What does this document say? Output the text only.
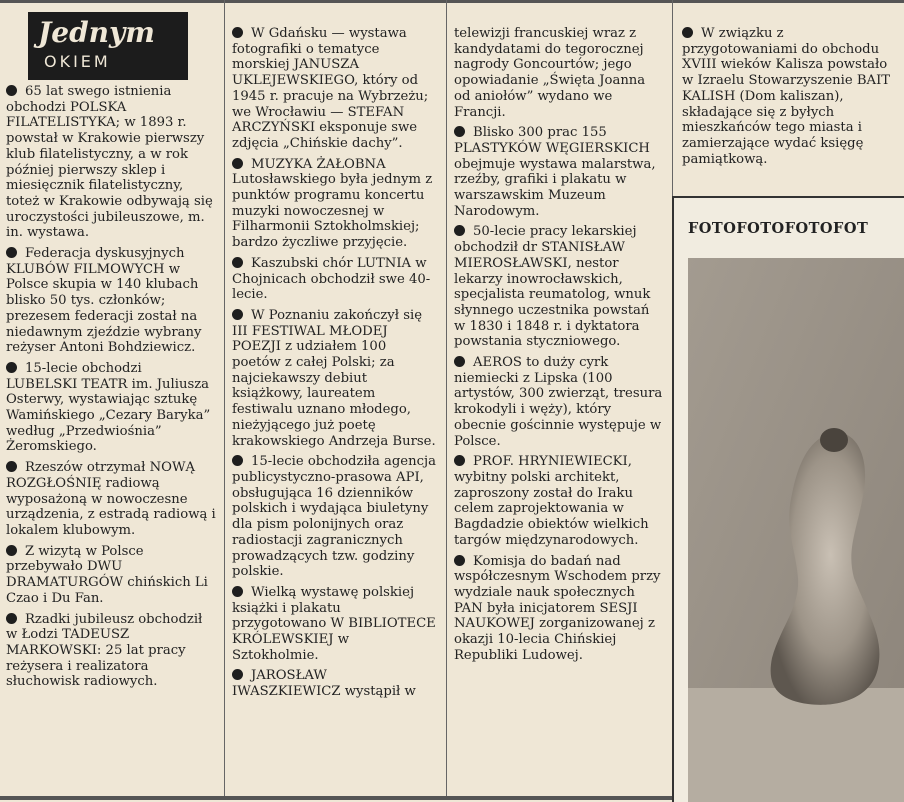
Jednym
OKIEM

65 lat swego istnienia obchodzi POLSKA FILATELISTYKA; w 1893 r. powstał w Krakowie pierwszy klub filatelistyczny, a w rok później pierwszy sklep i miesięcznik filatelistyczny, toteż w Krakowie odbywają się uroczystości jubileuszowe, m. in. wystawa.

Federacja dyskusyjnych KLUBÓW FILMOWYCH w Polsce skupia w 140 klubach blisko 50 tys. członków; prezesem federacji został na niedawnym zjeździe wybrany reżyser Antoni Bohdziewicz.

15-lecie obchodzi LUBELSKI TEATR im. Juliusza Osterwy, wystawiając sztukę Wamińskiego „Cezary Baryka” według „Przedwiośnia” Żeromskiego.

Rzeszów otrzymał NOWĄ ROZGŁOŚNIĘ radiową wyposażoną w nowoczesne urządzenia, z estradą radiową i lokalem klubowym.

Z wizytą w Polsce przebywało DWU DRAMATURGÓW chińskich Li Czao i Du Fan.

Rzadki jubileusz obchodził w Łodzi TADEUSZ MARKOWSKI: 25 lat pracy reżysera i realizatora słuchowisk radiowych.

W Gdańsku — wystawa fotografiki o tematyce morskiej JANUSZA UKLEJEWSKIEGO, który od 1945 r. pracuje na Wybrzeżu; we Wrocławiu — STEFAN ARCZYŃSKI eksponuje swe zdjęcia „Chińskie dachy”.

MUZYKA ŻAŁOBNA Lutosławskiego była jednym z punktów programu koncertu muzyki nowoczesnej w Filharmonii Sztokholmskiej; bardzo życzliwe przyjęcie.

Kaszubski chór LUTNIA w Chojnicach obchodził swe 40-lecie.

W Poznaniu zakończył się III FESTIWAL MŁODEJ POEZJI z udziałem 100 poetów z całej Polski; za najciekawszy debiut książkowy, laureatem festiwalu uznano młodego, nieżyjącego już poetę krakowskiego Andrzeja Burse.

15-lecie obchodziła agencja publicystyczno-prasowa API, obsługująca 16 dzienników polskich i wydająca biuletyny dla pism polonijnych oraz radiostacji zagranicznych prowadzących tzw. godziny polskie.

Wielką wystawę polskiej książki i plakatu przygotowano W BIBLIOTECE KRÓLEWSKIEJ w Sztokholmie.

JAROSŁAW IWASZKIEWICZ wystąpił w

telewizji francuskiej wraz z kandydatami do tegorocznej nagrody Goncourtów; jego opowiadanie „Święta Joanna od aniołów” wydano we Francji.

Blisko 300 prac 155 PLASTYKÓW WĘGIERSKICH obejmuje wystawa malarstwa, rzeźby, grafiki i plakatu w warszawskim Muzeum Narodowym.

50-lecie pracy lekarskiej obchodził dr STANISŁAW MIEROSŁAWSKI, nestor lekarzy inowrocławskich, specjalista reumatolog, wnuk słynnego uczestnika powstań w 1830 i 1848 r. i dyktatora powstania styczniowego.

AEROS to duży cyrk niemiecki z Lipska (100 artystów, 300 zwierząt, tresura krokodyli i węży), który obecnie gościnnie występuje w Polsce.

PROF. HRYNIEWIECKI, wybitny polski architekt, zaproszony został do Iraku celem zaprojektowania w Bagdadzie obiektów wielkich targów międzynarodowych.

Komisja do badań nad współczesnym Wschodem przy wydziale nauk społecznych PAN była inicjatorem SESJI NAUKOWEJ zorganizowanej z okazji 10-lecia Chińskiej Republiki Ludowej.

W związku z przygotowaniami do obchodu XVIII wieków Kalisza powstało w Izraelu Stowarzyszenie BAIT KALISH (Dom kaliszan), składające się z byłych mieszkańców tego miasta i zamierzające wydać księgę pamiątkową.

FOTOFOTOFOTOFOT
